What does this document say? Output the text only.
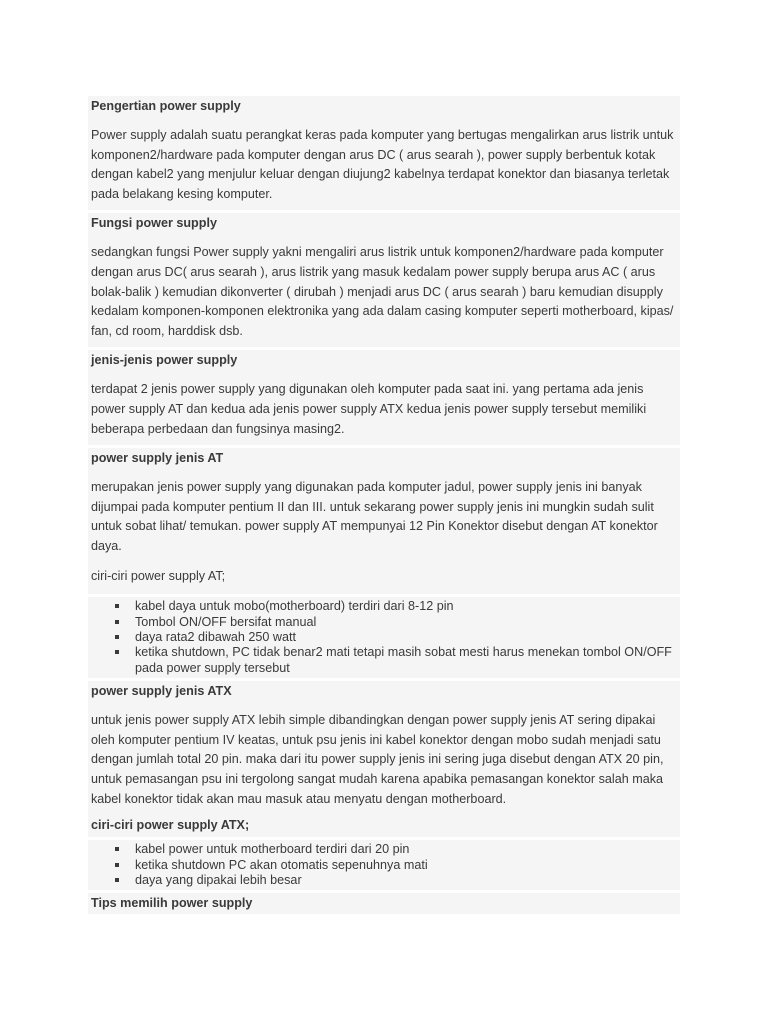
Pengertian power supply
Power supply adalah suatu perangkat keras pada komputer yang bertugas mengalirkan arus listrik untuk komponen2/hardware pada komputer dengan arus DC ( arus searah ), power supply berbentuk kotak dengan kabel2 yang menjulur keluar dengan diujung2 kabelnya terdapat konektor dan biasanya terletak pada belakang kesing komputer.
Fungsi power supply
sedangkan fungsi Power supply yakni mengaliri arus listrik untuk komponen2/hardware pada komputer dengan arus DC( arus searah ), arus listrik yang masuk kedalam power supply berupa arus AC ( arus bolak-balik ) kemudian dikonverter ( dirubah ) menjadi arus DC ( arus searah ) baru kemudian disupply kedalam komponen-komponen elektronika yang ada dalam casing komputer seperti motherboard, kipas/ fan, cd room, harddisk dsb.
jenis-jenis power supply
terdapat 2 jenis power supply yang digunakan oleh komputer pada saat ini. yang pertama ada jenis power supply AT dan kedua ada jenis power supply ATX kedua jenis power supply tersebut memiliki beberapa perbedaan dan fungsinya masing2.
power supply jenis AT
merupakan jenis power supply yang digunakan pada komputer jadul, power supply jenis ini banyak dijumpai pada komputer pentium II dan III. untuk sekarang power supply jenis ini mungkin sudah sulit untuk sobat lihat/ temukan. power supply AT mempunyai 12 Pin Konektor disebut dengan AT konektor daya.
ciri-ciri power supply AT;
kabel daya untuk mobo(motherboard) terdiri dari 8-12 pin
Tombol ON/OFF bersifat manual
daya rata2 dibawah 250 watt
ketika shutdown, PC tidak benar2 mati tetapi masih sobat mesti harus menekan tombol ON/OFF pada power supply tersebut
power supply jenis ATX
untuk jenis power supply ATX lebih simple dibandingkan dengan power supply jenis AT sering dipakai oleh komputer pentium IV keatas, untuk psu jenis ini kabel konektor dengan mobo sudah menjadi satu dengan jumlah total 20 pin. maka dari itu power supply jenis ini sering juga disebut dengan ATX 20 pin, untuk pemasangan psu ini tergolong sangat mudah karena apabika pemasangan konektor salah maka kabel konektor tidak akan mau masuk atau menyatu dengan motherboard.
ciri-ciri power supply ATX;
kabel power untuk motherboard terdiri dari 20 pin
ketika shutdown PC akan otomatis sepenuhnya mati
daya yang dipakai lebih besar
Tips memilih power supply
